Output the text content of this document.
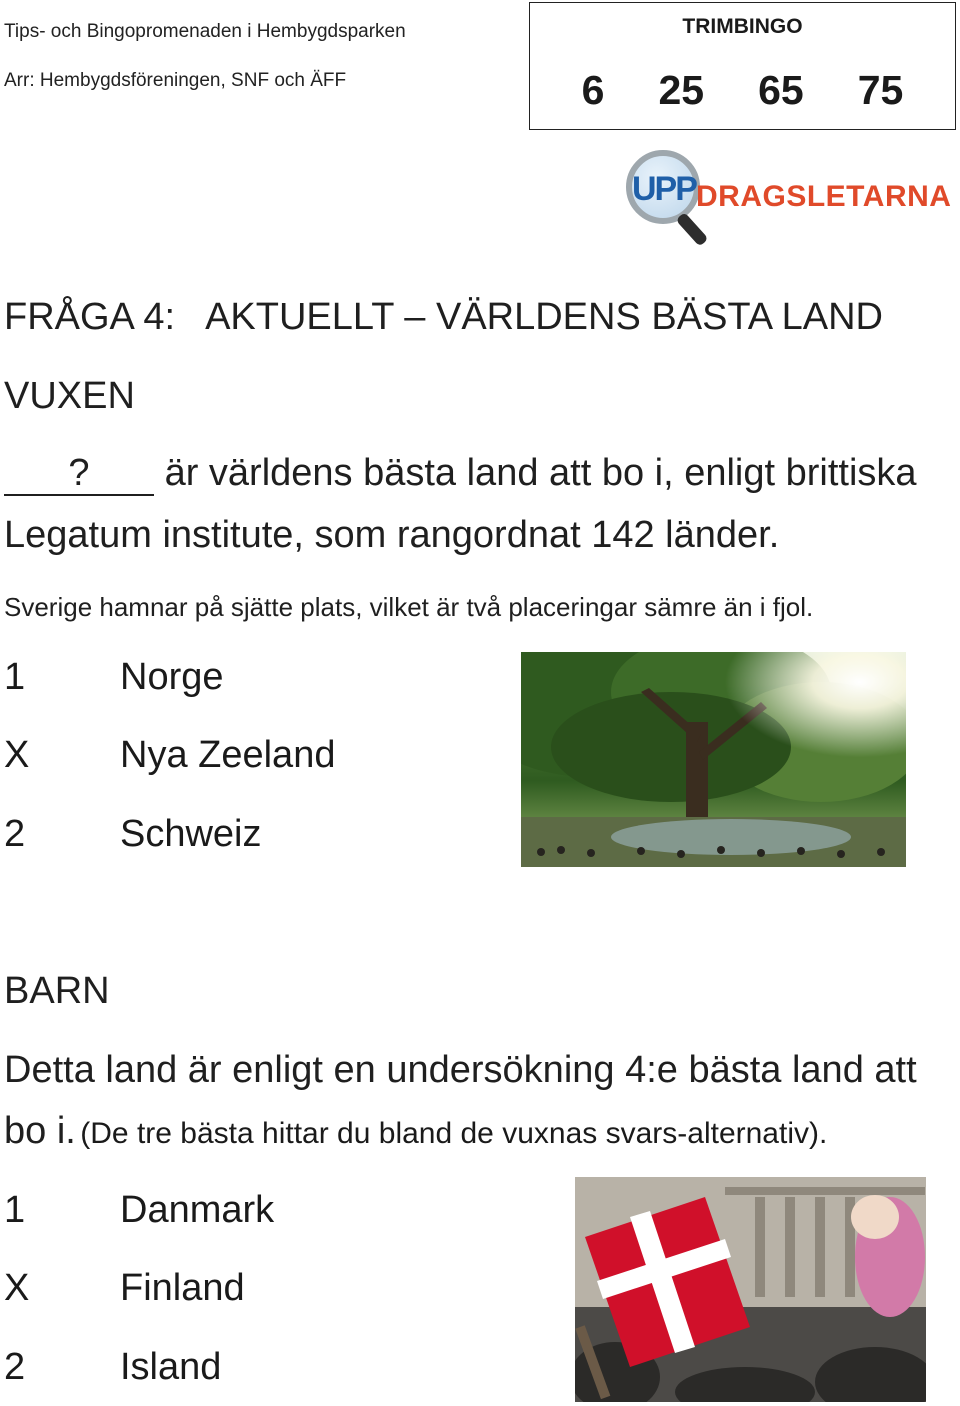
Tips- och Bingopromenaden i Hembygdsparken
Arr: Hembygdsföreningen, SNF och ÄFF
TRIMBINGO
6 25 65 75
UPP DRAGSLETARNA
FRÅGA 4: AKTUELLT – VÄRLDENS BÄSTA LAND
VUXEN
? är världens bästa land att bo i, enligt brittiska
Legatum institute, som rangordnat 142 länder.
Sverige hamnar på sjätte plats, vilket är två placeringar sämre än i fjol.
1 Norge
X Nya Zeeland
2 Schweiz
BARN
Detta land är enligt en undersökning 4:e bästa land att
bo i. (De tre bästa hittar du bland de vuxnas svars-alternativ).
1 Danmark
X Finland
2 Island
